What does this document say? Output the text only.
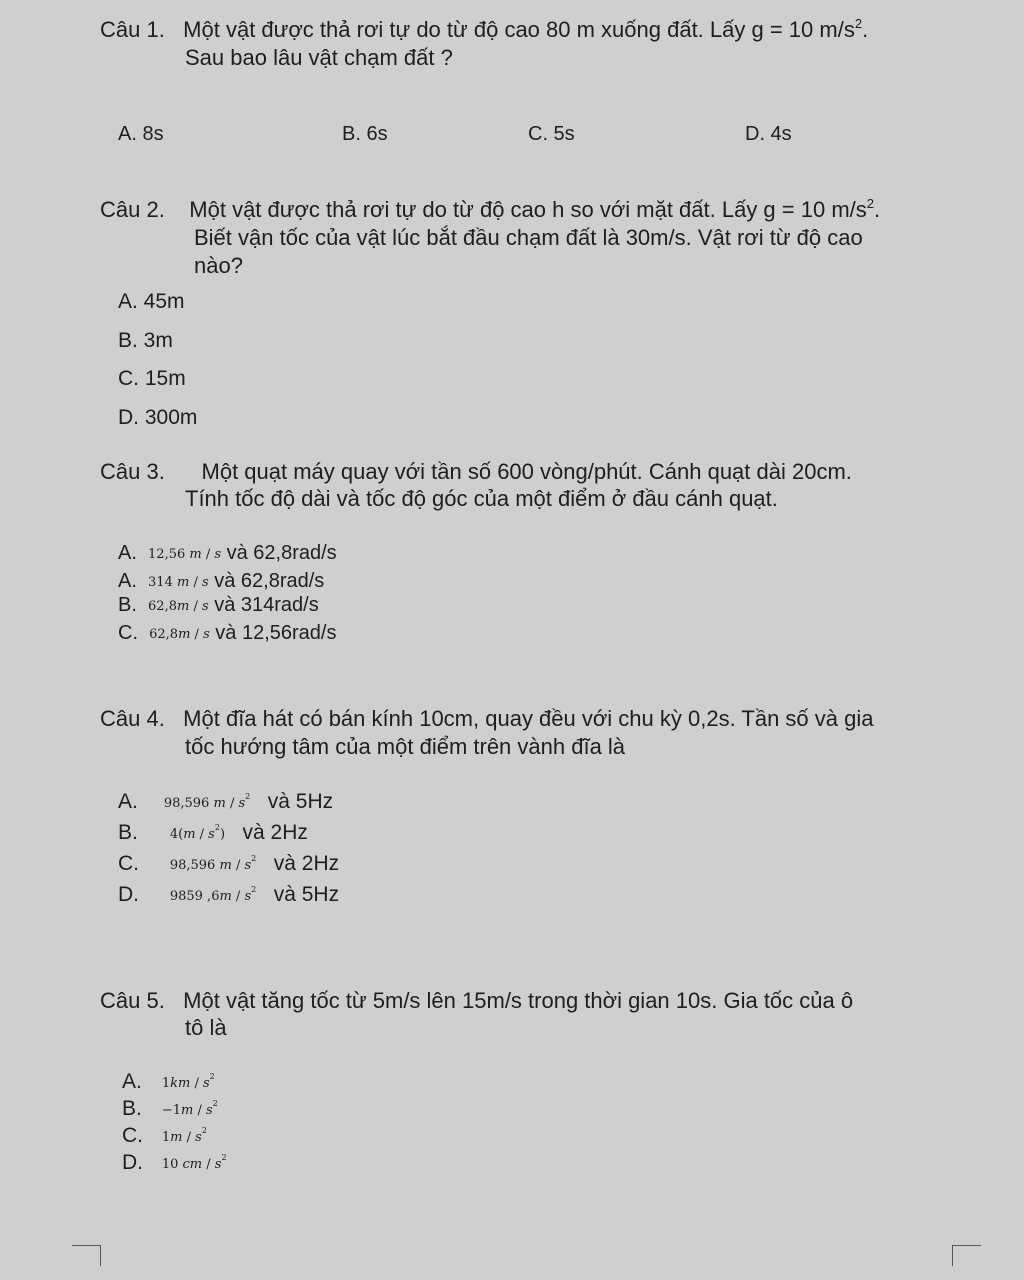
Câu 1. Một vật được thả rơi tự do từ độ cao 80 m xuống đất. Lấy g = 10 $m/s^2$.
Sau bao lâu vật chạm đất ?
A. 8s	B. 6s	C. 5s	D. 4s
Câu 2. Một vật được thả rơi tự do từ độ cao h so với mặt đất. Lấy g = 10 $m/s^2$.
Biết vận tốc của vật lúc bắt đầu chạm đất là 30m/s. Vật rơi từ độ cao
nào?
A. 45m
B. 3m
C. 15m
D. 300m
Câu 3. Một quạt máy quay với tần số 600 vòng/phút. Cánh quạt dài 20cm.
Tính tốc độ dài và tốc độ góc của một điểm ở đầu cánh quạt.
A. 12,56 m / s và 62,8rad/s
A. 314 m / s và 62,8rad/s
B. 62,8m / s và 314rad/s
C. 62,8m / s và 12,56rad/s
Câu 4. Một đĩa hát có bán kính 10cm, quay đều với chu kỳ 0,2s. Tần số và gia
tốc hướng tâm của một điểm trên vành đĩa là
A. 98,596 m / $s^2$ và 5Hz
B. $4(m / s^2)$ và 2Hz
C. 98,596 m / $s^2$ và 2Hz
D. 9859 $,6m / s^2$ và 5Hz
Câu 5. Một vật tăng tốc từ 5m/s lên 15m/s trong thời gian 10s. Gia tốc của ô
tô là
A. $1km / s^2$
B. $-1m / s^2$
C. $1m / s^2$
D. 10 cm / $s^2$
